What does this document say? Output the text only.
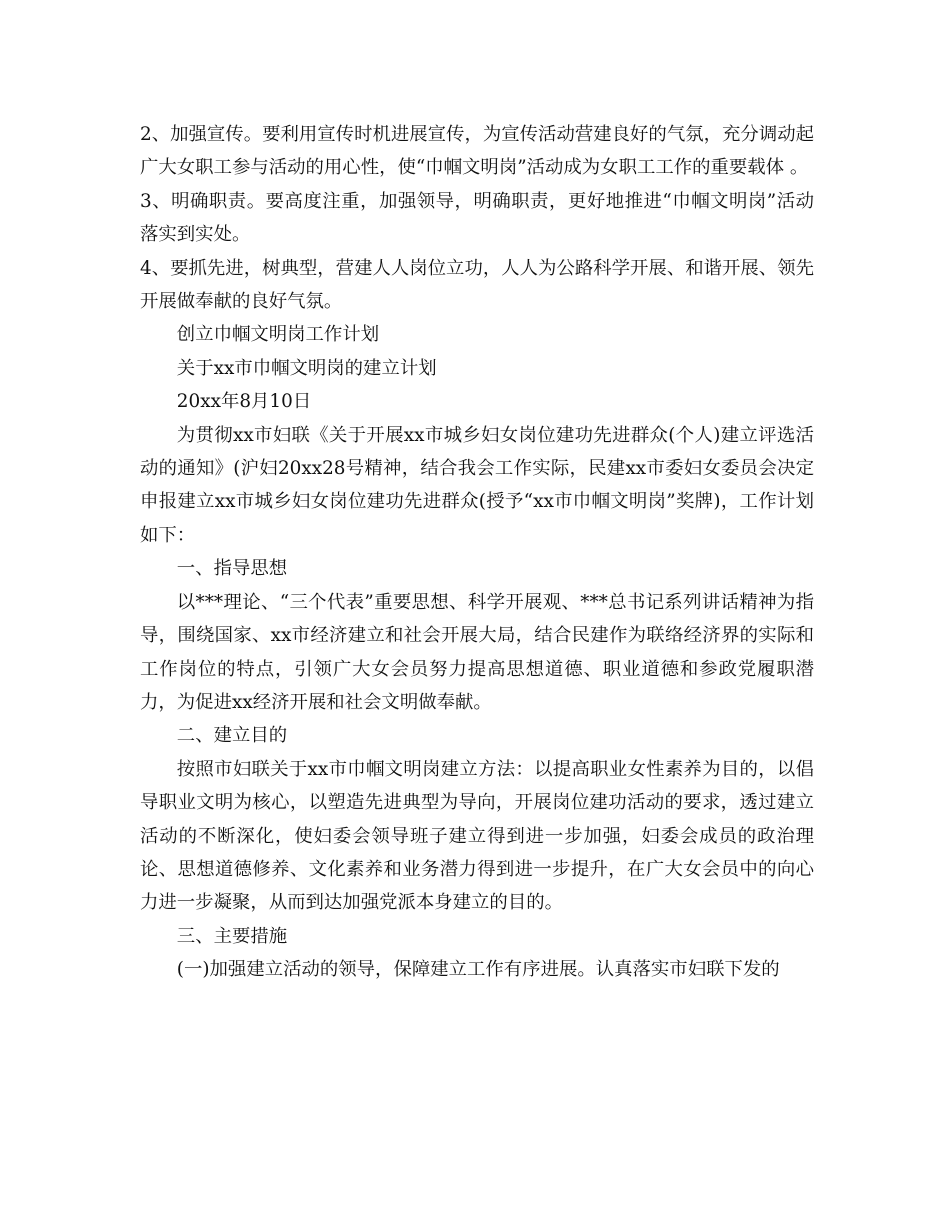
2、加强宣传。要利用宣传时机进展宣传，为宣传活动营建良好的气氛，充分调动起广大女职工参与活动的用心性，使“巾帼文明岗”活动成为女职工工作的重要载体 。

3、明确职责。要高度注重，加强领导，明确职责，更好地推进“巾帼文明岗”活动落实到实处。

4、要抓先进，树典型，营建人人岗位立功，人人为公路科学开展、和谐开展、领先开展做奉献的良好气氛。

创立巾帼文明岗工作计划

关于xx市巾帼文明岗的建立计划

20xx年8月10日

为贯彻xx市妇联《关于开展xx市城乡妇女岗位建功先进群众(个人)建立评选活动的通知》(沪妇20xx28号精神，结合我会工作实际，民建xx市委妇女委员会决定申报建立xx市城乡妇女岗位建功先进群众(授予“xx市巾帼文明岗”奖牌)，工作计划如下：

一、指导思想

以***理论、“三个代表”重要思想、科学开展观、***总书记系列讲话精神为指导，围绕国家、xx市经济建立和社会开展大局，结合民建作为联络经济界的实际和工作岗位的特点，引领广大女会员努力提高思想道德、职业道德和参政党履职潜力，为促进xx经济开展和社会文明做奉献。

二、建立目的

按照市妇联关于xx市巾帼文明岗建立方法：以提高职业女性素养为目的，以倡导职业文明为核心，以塑造先进典型为导向，开展岗位建功活动的要求，透过建立活动的不断深化，使妇委会领导班子建立得到进一步加强，妇委会成员的政治理论、思想道德修养、文化素养和业务潜力得到进一步提升，在广大女会员中的向心力进一步凝聚，从而到达加强党派本身建立的目的。

三、主要措施

(一)加强建立活动的领导，保障建立工作有序进展。认真落实市妇联下发的
